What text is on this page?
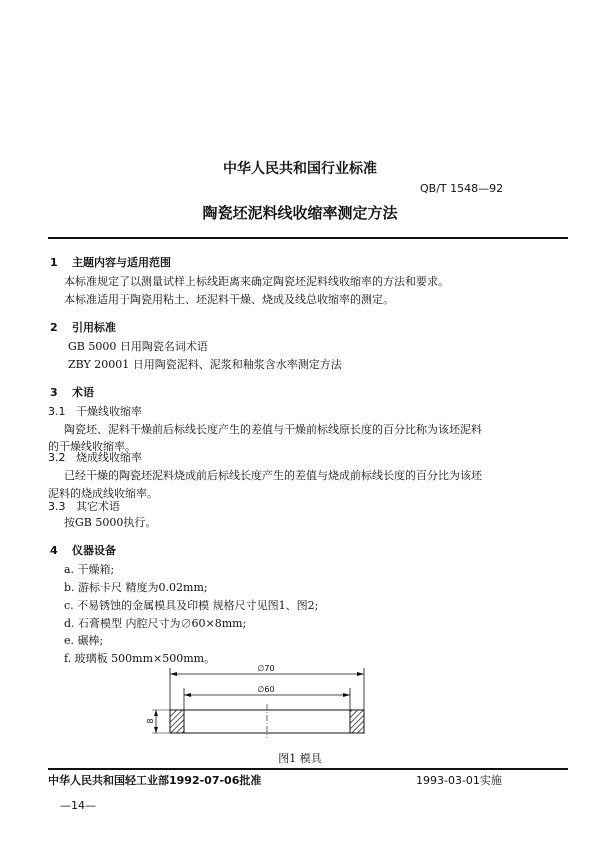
中华人民共和国行业标准
QB/T 1548—92
陶瓷坯泥料线收缩率测定方法
1 主题内容与适用范围
本标准规定了以测量试样上标线距离来确定陶瓷坯泥料线收缩率的方法和要求。
本标准适用于陶瓷用粘土、坯泥料干燥、烧成及线总收缩率的测定。
2 引用标准
GB 5000 日用陶瓷名词术语
ZBY 20001 日用陶瓷泥料、泥浆和釉浆含水率测定方法
3 术语
3.1 干燥线收缩率
陶瓷坯、泥料干燥前后标线长度产生的差值与干燥前标线原长度的百分比称为该坯泥料
的干燥线收缩率。
3.2 烧成线收缩率
已经干燥的陶瓷坯泥料烧成前后标线长度产生的差值与烧成前标线长度的百分比为该坯
泥料的烧成线收缩率。
3.3 其它术语
按GB 5000执行。
4 仪器设备
a. 干燥箱;
b. 游标卡尺 精度为0.02mm;
c. 不易锈蚀的金属模具及印模 规格尺寸见图1、图2;
d. 石膏模型 内腔尺寸为∅60×8mm;
e. 碾棒;
f. 玻璃板 500mm×500mm。
∅70
∅60
8
图1 模具
中华人民共和国轻工业部1992-07-06批准	1993-03-01实施
—14—
